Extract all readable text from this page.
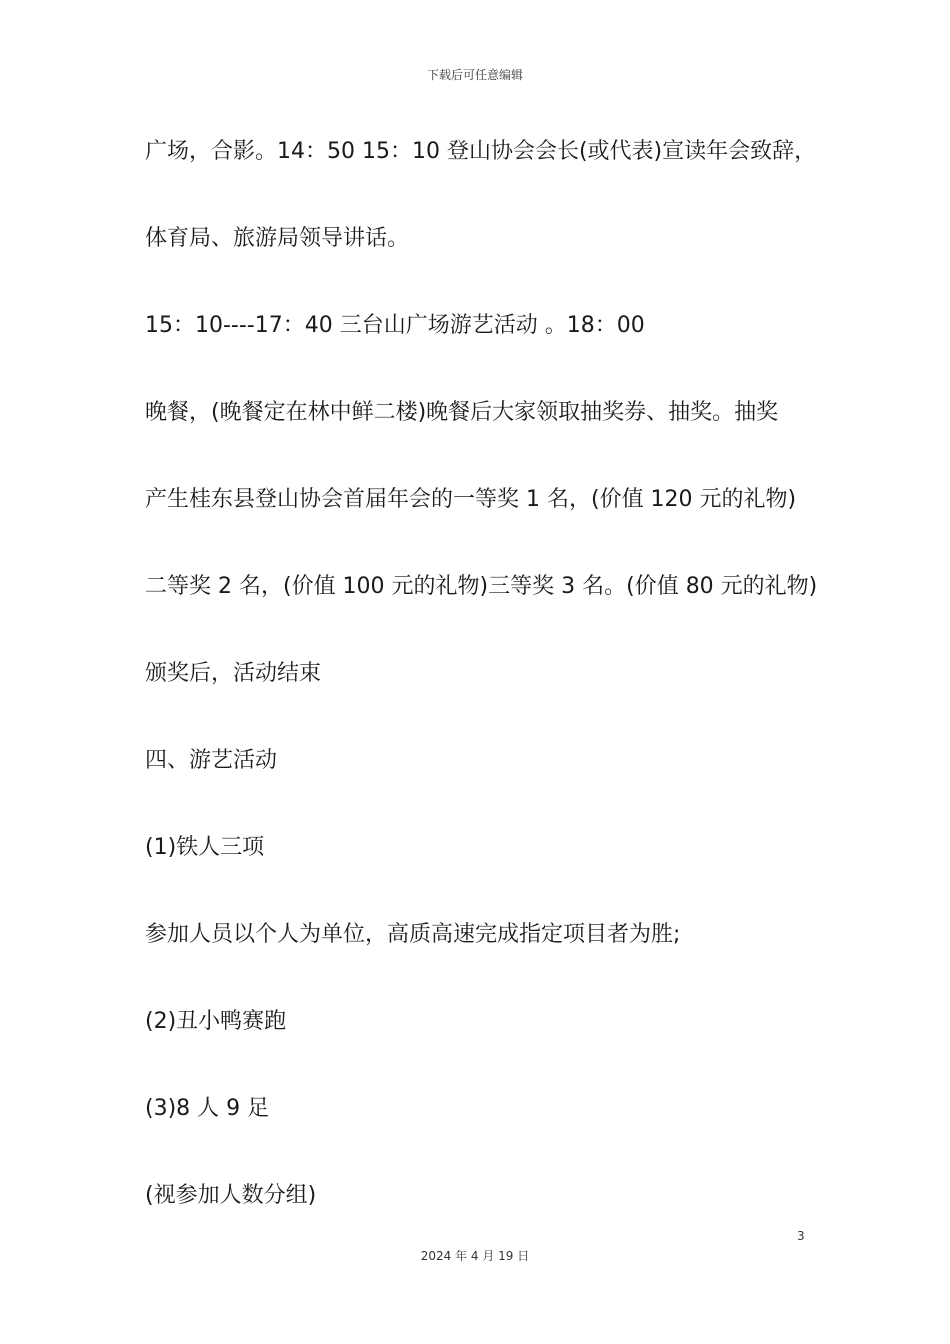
下载后可任意编辑
广场，合影。14：50 15：10 登山协会会长(或代表)宣读年会致辞，
体育局、旅游局领导讲话。
15：10----17：40 三台山广场游艺活动 。18：00
晚餐，(晚餐定在林中鲜二楼)晚餐后大家领取抽奖券、抽奖。抽奖
产生桂东县登山协会首届年会的一等奖 1 名，(价值 120 元的礼物)
二等奖 2 名，(价值 100 元的礼物)三等奖 3 名。(价值 80 元的礼物)
颁奖后，活动结束
四、游艺活动
(1)铁人三项
参加人员以个人为单位，高质高速完成指定项目者为胜;
(2)丑小鸭赛跑
(3)8 人 9 足
(视参加人数分组)
3
2024 年 4 月 19 日
